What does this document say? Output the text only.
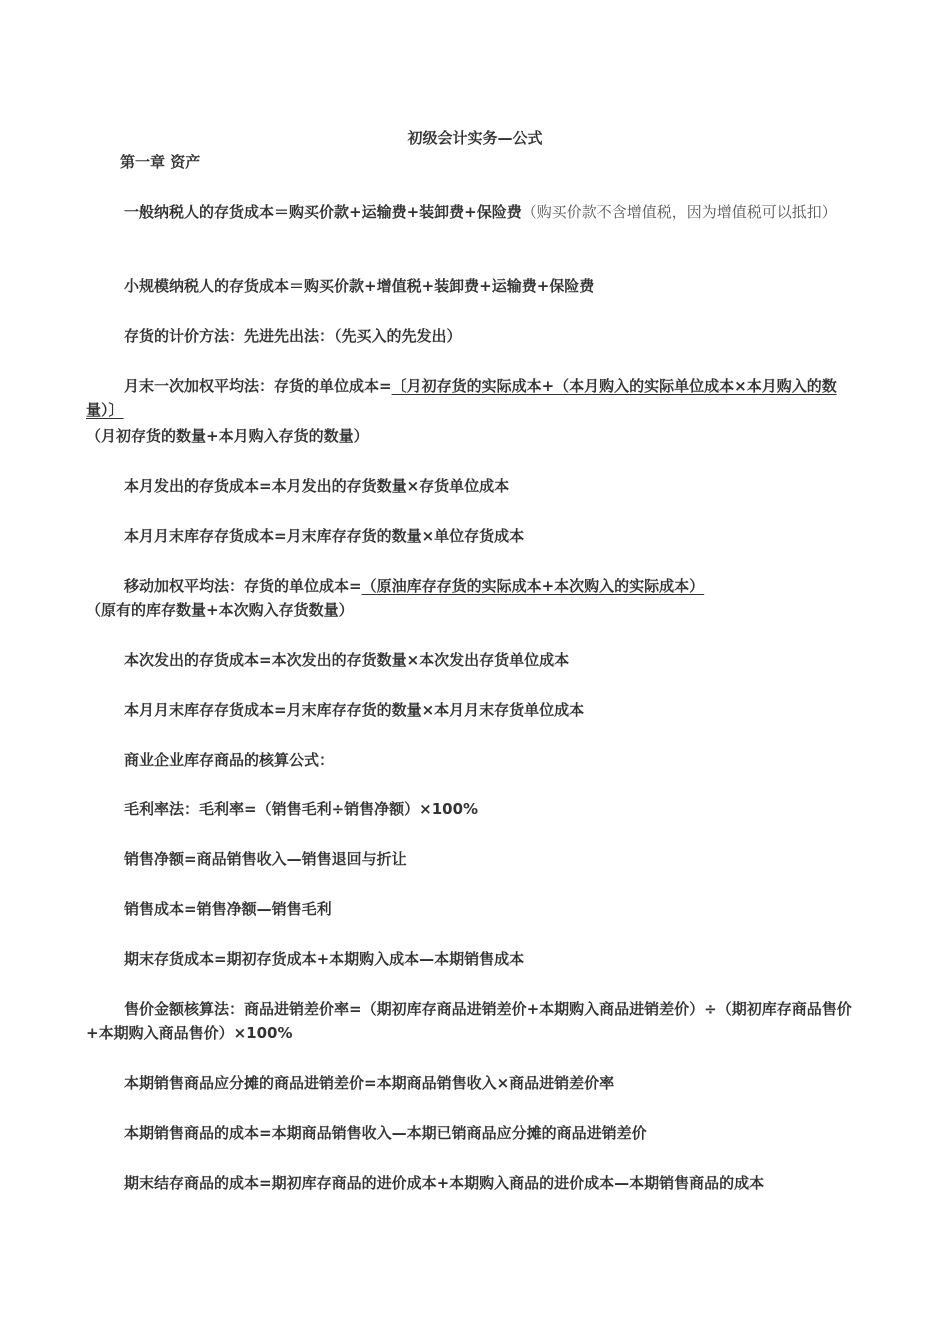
初级会计实务—公式
第一章 资产
一般纳税人的存货成本＝购买价款+运输费+装卸费+保险费（购买价款不含增值税，因为增值税可以抵扣）
小规模纳税人的存货成本＝购买价款+增值税+装卸费+运输费+保险费
存货的计价方法：先进先出法：（先买入的先发出）
月末一次加权平均法：存货的单位成本=〔月初存货的实际成本+（本月购入的实际单位成本×本月购入的数量）〕
（月初存货的数量+本月购入存货的数量）
本月发出的存货成本=本月发出的存货数量×存货单位成本
本月月末库存存货成本=月末库存存货的数量×单位存货成本
移动加权平均法：存货的单位成本=（原油库存存货的实际成本+本次购入的实际成本）
（原有的库存数量+本次购入存货数量）
本次发出的存货成本=本次发出的存货数量×本次发出存货单位成本
本月月末库存存货成本=月末库存存货的数量×本月月末存货单位成本
商业企业库存商品的核算公式：
毛利率法：毛利率=（销售毛利÷销售净额）×100%
销售净额=商品销售收入—销售退回与折让
销售成本=销售净额—销售毛利
期末存货成本=期初存货成本+本期购入成本—本期销售成本
售价金额核算法：商品进销差价率=（期初库存商品进销差价+本期购入商品进销差价）÷（期初库存商品售价+本期购入商品售价）×100%
本期销售商品应分摊的商品进销差价=本期商品销售收入×商品进销差价率
本期销售商品的成本=本期商品销售收入—本期已销商品应分摊的商品进销差价
期末结存商品的成本=期初库存商品的进价成本+本期购入商品的进价成本—本期销售商品的成本
